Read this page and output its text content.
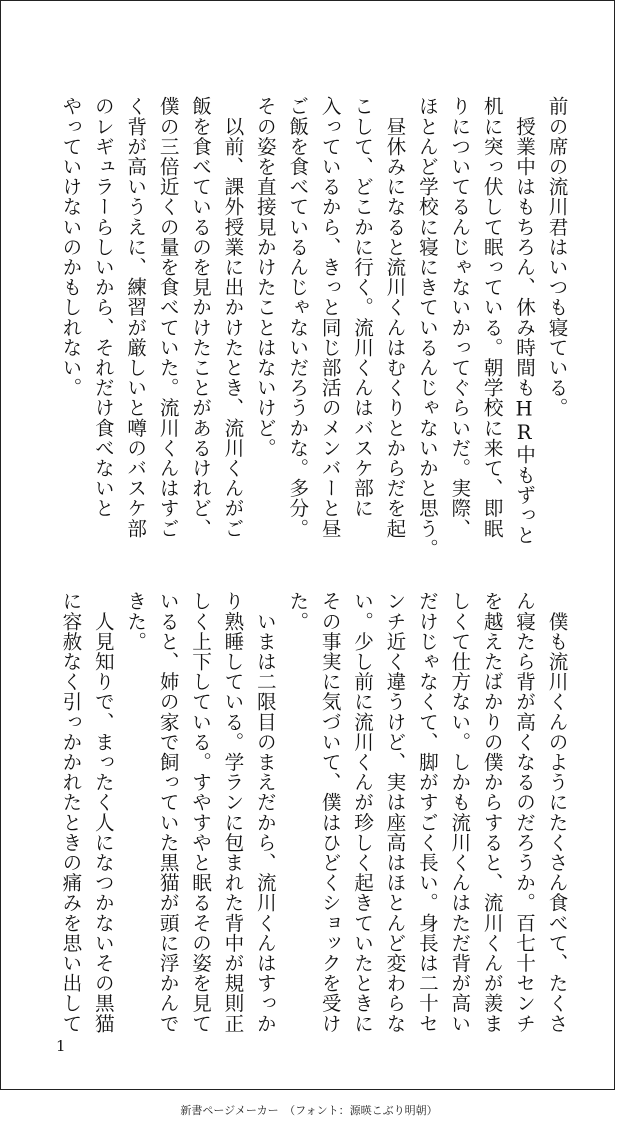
前の席の流川君はいつも寝ている。

　授業中はもちろん、休み時間もHR中もずっと

机に突っ伏して眠っている。朝学校に来て、即眠

りについてるんじゃないかってぐらいだ。実際、

ほとんど学校に寝にきているんじゃないかと思う。

　昼休みになると流川くんはむくりとからだを起

こして、どこかに行く。流川くんはバスケ部に

入っているから、きっと同じ部活のメンバーと昼

ご飯を食べているんじゃないだろうかな。多分。

その姿を直接見かけたことはないけど。

　以前、課外授業に出かけたとき、流川くんがご

飯を食べているのを見かけたことがあるけれど、

僕の三倍近くの量を食べていた。流川くんはすご

く背が高いうえに、練習が厳しいと噂のバスケ部

のレギュラーらしいから、それだけ食べないと

やっていけないのかもしれない。

　僕も流川くんのようにたくさん食べて、たくさ

ん寝たら背が高くなるのだろうか。百七十センチ

を越えたばかりの僕からすると、流川くんが羨ま

しくて仕方ない。しかも流川くんはただ背が高い

だけじゃなくて、脚がすごく長い。身長は二十セ

ンチ近く違うけど、実は座高はほとんど変わらな

い。少し前に流川くんが珍しく起きていたときに

その事実に気づいて、僕はひどくショックを受け

た。

　いまは二限目のまえだから、流川くんはすっか

り熟睡している。学ランに包まれた背中が規則正

しく上下している。すやすやと眠るその姿を見て

いると、姉の家で飼っていた黒猫が頭に浮かんで

きた。

　人見知りで、まったく人になつかないその黒猫

に容赦なく引っかかれたときの痛みを思い出して

1
新書ページメーカー　（フォント：源暎こぶり明朝）
